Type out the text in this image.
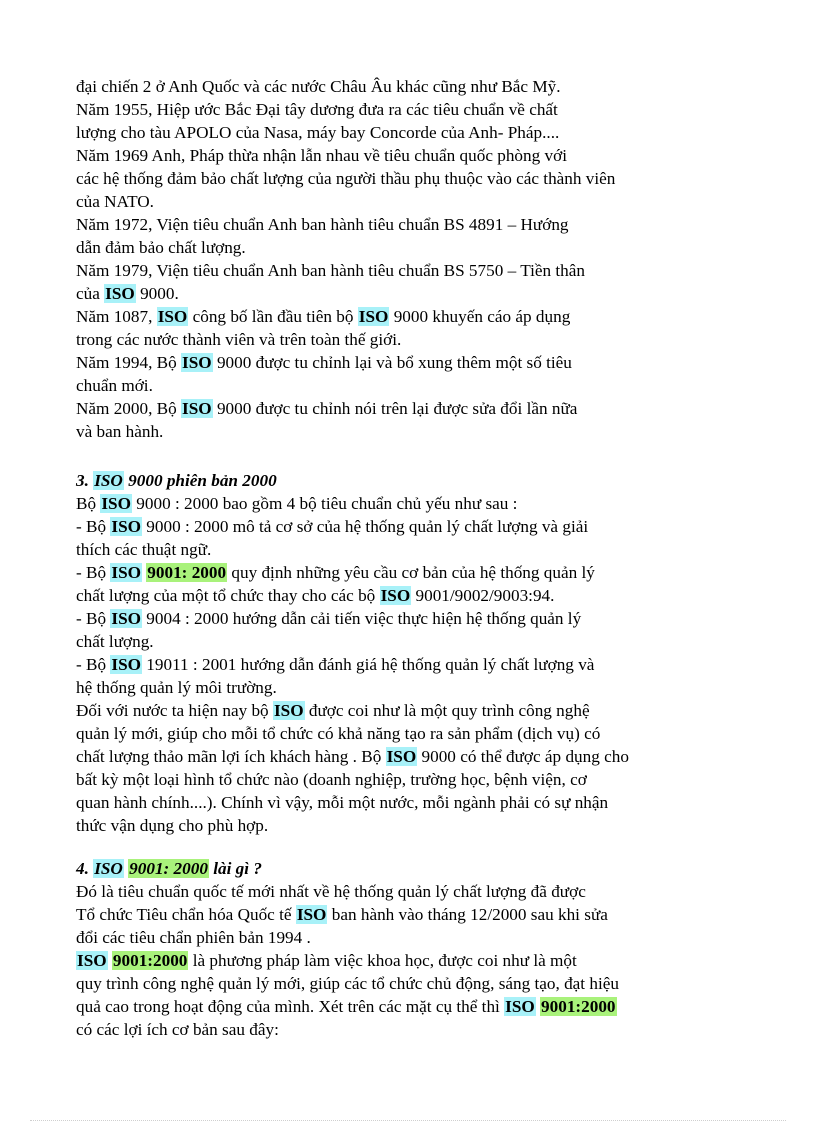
đại chiến 2 ở Anh Quốc và các nước Châu Âu khác cũng như Bắc Mỹ.
Năm 1955, Hiệp ước Bắc Đại tây dương đưa ra các tiêu chuẩn về chất
lượng cho tàu APOLO của Nasa, máy bay Concorde của Anh- Pháp....
Năm 1969 Anh, Pháp thừa nhận lẫn nhau về tiêu chuẩn quốc phòng với
các hệ thống đảm bảo chất lượng của người thầu phụ thuộc vào các thành viên
của NATO.
Năm 1972, Viện tiêu chuẩn Anh ban hành tiêu chuẩn BS 4891 – Hướng
dẫn đảm bảo chất lượng.
Năm 1979, Viện tiêu chuẩn Anh ban hành tiêu chuẩn BS 5750 – Tiền thân
của ISO 9000.
Năm 1087, ISO công bố lần đầu tiên bộ ISO 9000 khuyến cáo áp dụng
trong các nước thành viên và trên toàn thế giới.
Năm 1994, Bộ ISO 9000 được tu chỉnh lại và bổ xung thêm một số tiêu
chuẩn mới.
Năm 2000, Bộ ISO 9000 được tu chỉnh nói trên lại được sửa đổi lần nữa
và ban hành.
3. ISO 9000 phiên bản 2000
Bộ ISO 9000 : 2000 bao gồm 4 bộ tiêu chuẩn chủ yếu như sau :
- Bộ ISO 9000 : 2000 mô tả cơ sở của hệ thống quản lý chất lượng và giải
thích các thuật ngữ.
- Bộ ISO 9001: 2000 quy định những yêu cầu cơ bản của hệ thống quản lý
chất lượng của một tổ chức thay cho các bộ ISO 9001/9002/9003:94.
- Bộ ISO 9004 : 2000 hướng dẫn cải tiến việc thực hiện hệ thống quản lý
chất lượng.
- Bộ ISO 19011 : 2001 hướng dẫn đánh giá hệ thống quản lý chất lượng và
hệ thống quản lý môi trường.
Đối với nước ta hiện nay bộ ISO được coi như là một quy trình công nghệ
quản lý mới, giúp cho mỗi tổ chức có khả năng tạo ra sản phẩm (dịch vụ) có
chất lượng thảo mãn lợi ích khách hàng . Bộ ISO 9000 có thể được áp dụng cho
bất kỳ một loại hình tổ chức nào (doanh nghiệp, trường học, bệnh viện, cơ
quan hành chính....). Chính vì vậy, mỗi một nước, mỗi ngành phải có sự nhận
thức vận dụng cho phù hợp.
4. ISO 9001: 2000 lài gì ?
Đó là tiêu chuẩn quốc tế mới nhất về hệ thống quản lý chất lượng đã được
Tổ chức Tiêu chẩn hóa Quốc tế ISO ban hành vào tháng 12/2000 sau khi sửa
đổi các tiêu chẩn phiên bản 1994 .
ISO 9001:2000 là phương pháp làm việc khoa học, được coi như là một
quy trình công nghệ quản lý mới, giúp các tổ chức chủ động, sáng tạo, đạt hiệu
quả cao trong hoạt động của mình. Xét trên các mặt cụ thể thì ISO 9001:2000
có các lợi ích cơ bản sau đây:
